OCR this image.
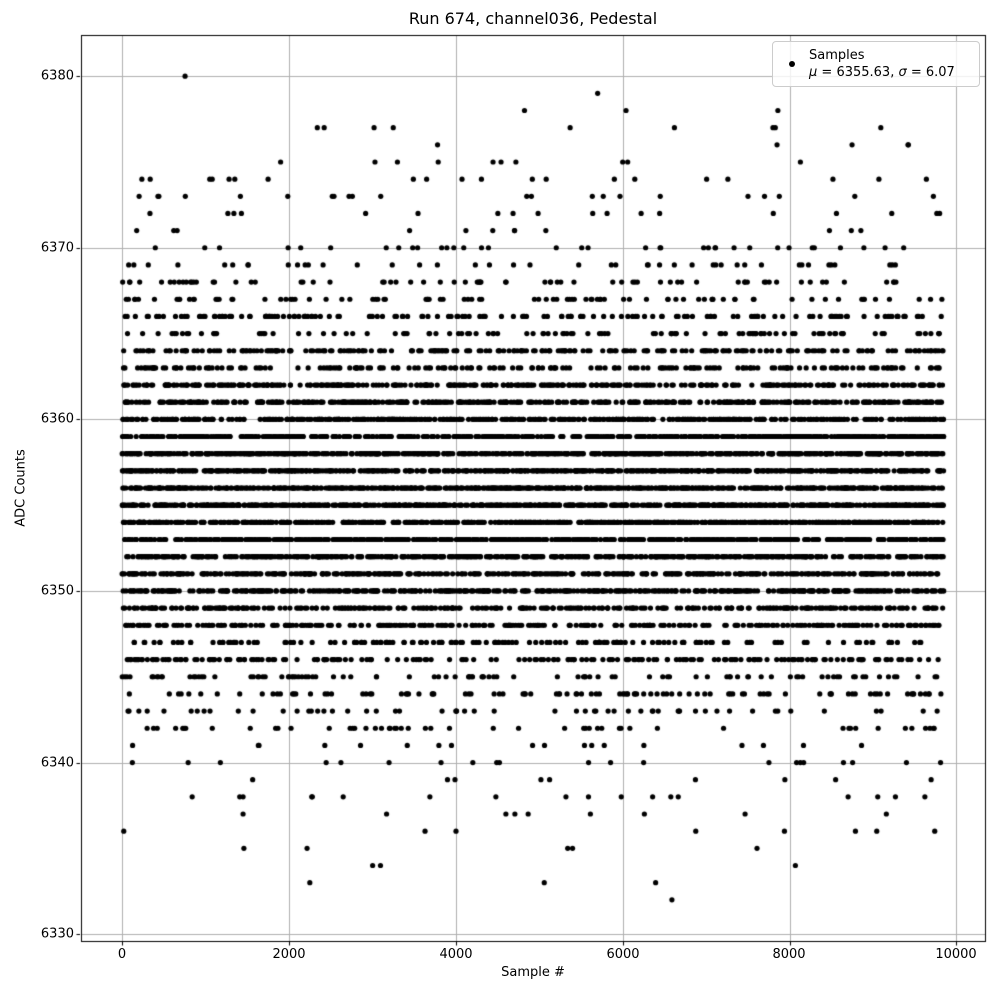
Run 674, channel036, Pedestal
ADC Counts
Sample #
6380
6370
6360
6350
6340
6330
0	2000	4000	6000	8000	10000
Samples
μ = 6355.63, σ = 6.07
